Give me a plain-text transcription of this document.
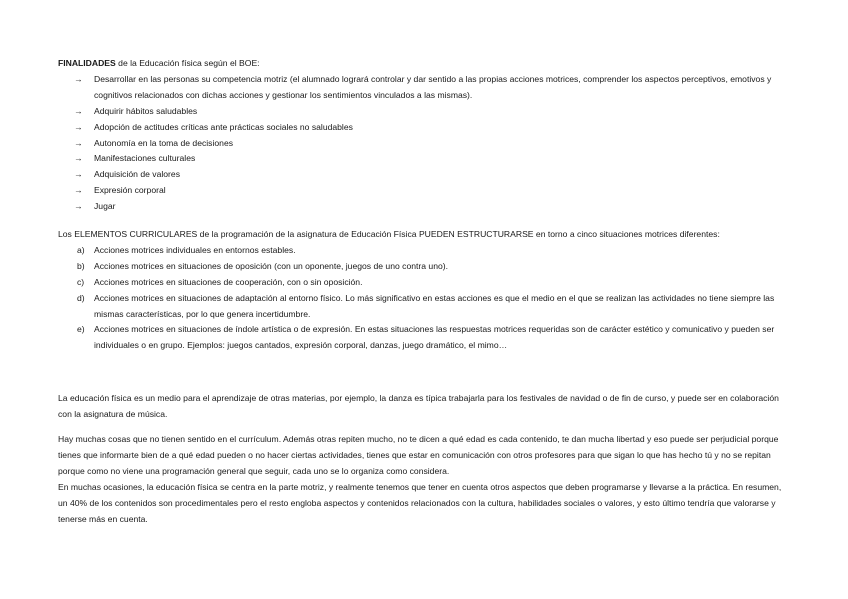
FINALIDADES de la Educación física según el BOE:

→ Desarrollar en las personas su competencia motriz (el alumnado logrará controlar y dar sentido a las propias acciones motrices, comprender los aspectos perceptivos, emotivos y cognitivos relacionados con dichas acciones y gestionar los sentimientos vinculados a las mismas).
→ Adquirir hábitos saludables
→ Adopción de actitudes críticas ante prácticas sociales no saludables
→ Autonomía en la toma de decisiones
→ Manifestaciones culturales
→ Adquisición de valores
→ Expresión corporal
→ Jugar

Los ELEMENTOS CURRICULARES de la programación de la asignatura de Educación Física PUEDEN ESTRUCTURARSE en torno a cinco situaciones motrices diferentes:

a) Acciones motrices individuales en entornos estables.
b) Acciones motrices en situaciones de oposición (con un oponente, juegos de uno contra uno).
c) Acciones motrices en situaciones de cooperación, con o sin oposición.
d) Acciones motrices en situaciones de adaptación al entorno físico. Lo más significativo en estas acciones es que el medio en el que se realizan las actividades no tiene siempre las mismas características, por lo que genera incertidumbre.
e) Acciones motrices en situaciones de índole artística o de expresión. En estas situaciones las respuestas motrices requeridas son de carácter estético y comunicativo y pueden ser individuales o en grupo. Ejemplos: juegos cantados, expresión corporal, danzas, juego dramático, el mimo…

La educación física es un medio para el aprendizaje de otras materias, por ejemplo, la danza es típica trabajarla para los festivales de navidad o de fin de curso, y puede ser en colaboración con la asignatura de música.

Hay muchas cosas que no tienen sentido en el currículum. Además otras repiten mucho, no te dicen a qué edad es cada contenido, te dan mucha libertad y eso puede ser perjudicial porque tienes que informarte bien de a qué edad pueden o no hacer ciertas actividades, tienes que estar en comunicación con otros profesores para que sigan lo que has hecho tú y no se repitan porque como no viene una programación general que seguir, cada uno se lo organiza como considera.

En muchas ocasiones, la educación física se centra en la parte motriz, y realmente tenemos que tener en cuenta otros aspectos que deben programarse y llevarse a la práctica. En resumen, un 40% de los contenidos son procedimentales pero el resto engloba aspectos y contenidos relacionados con la cultura, habilidades sociales o valores, y esto último tendría que valorarse y tenerse más en cuenta.
